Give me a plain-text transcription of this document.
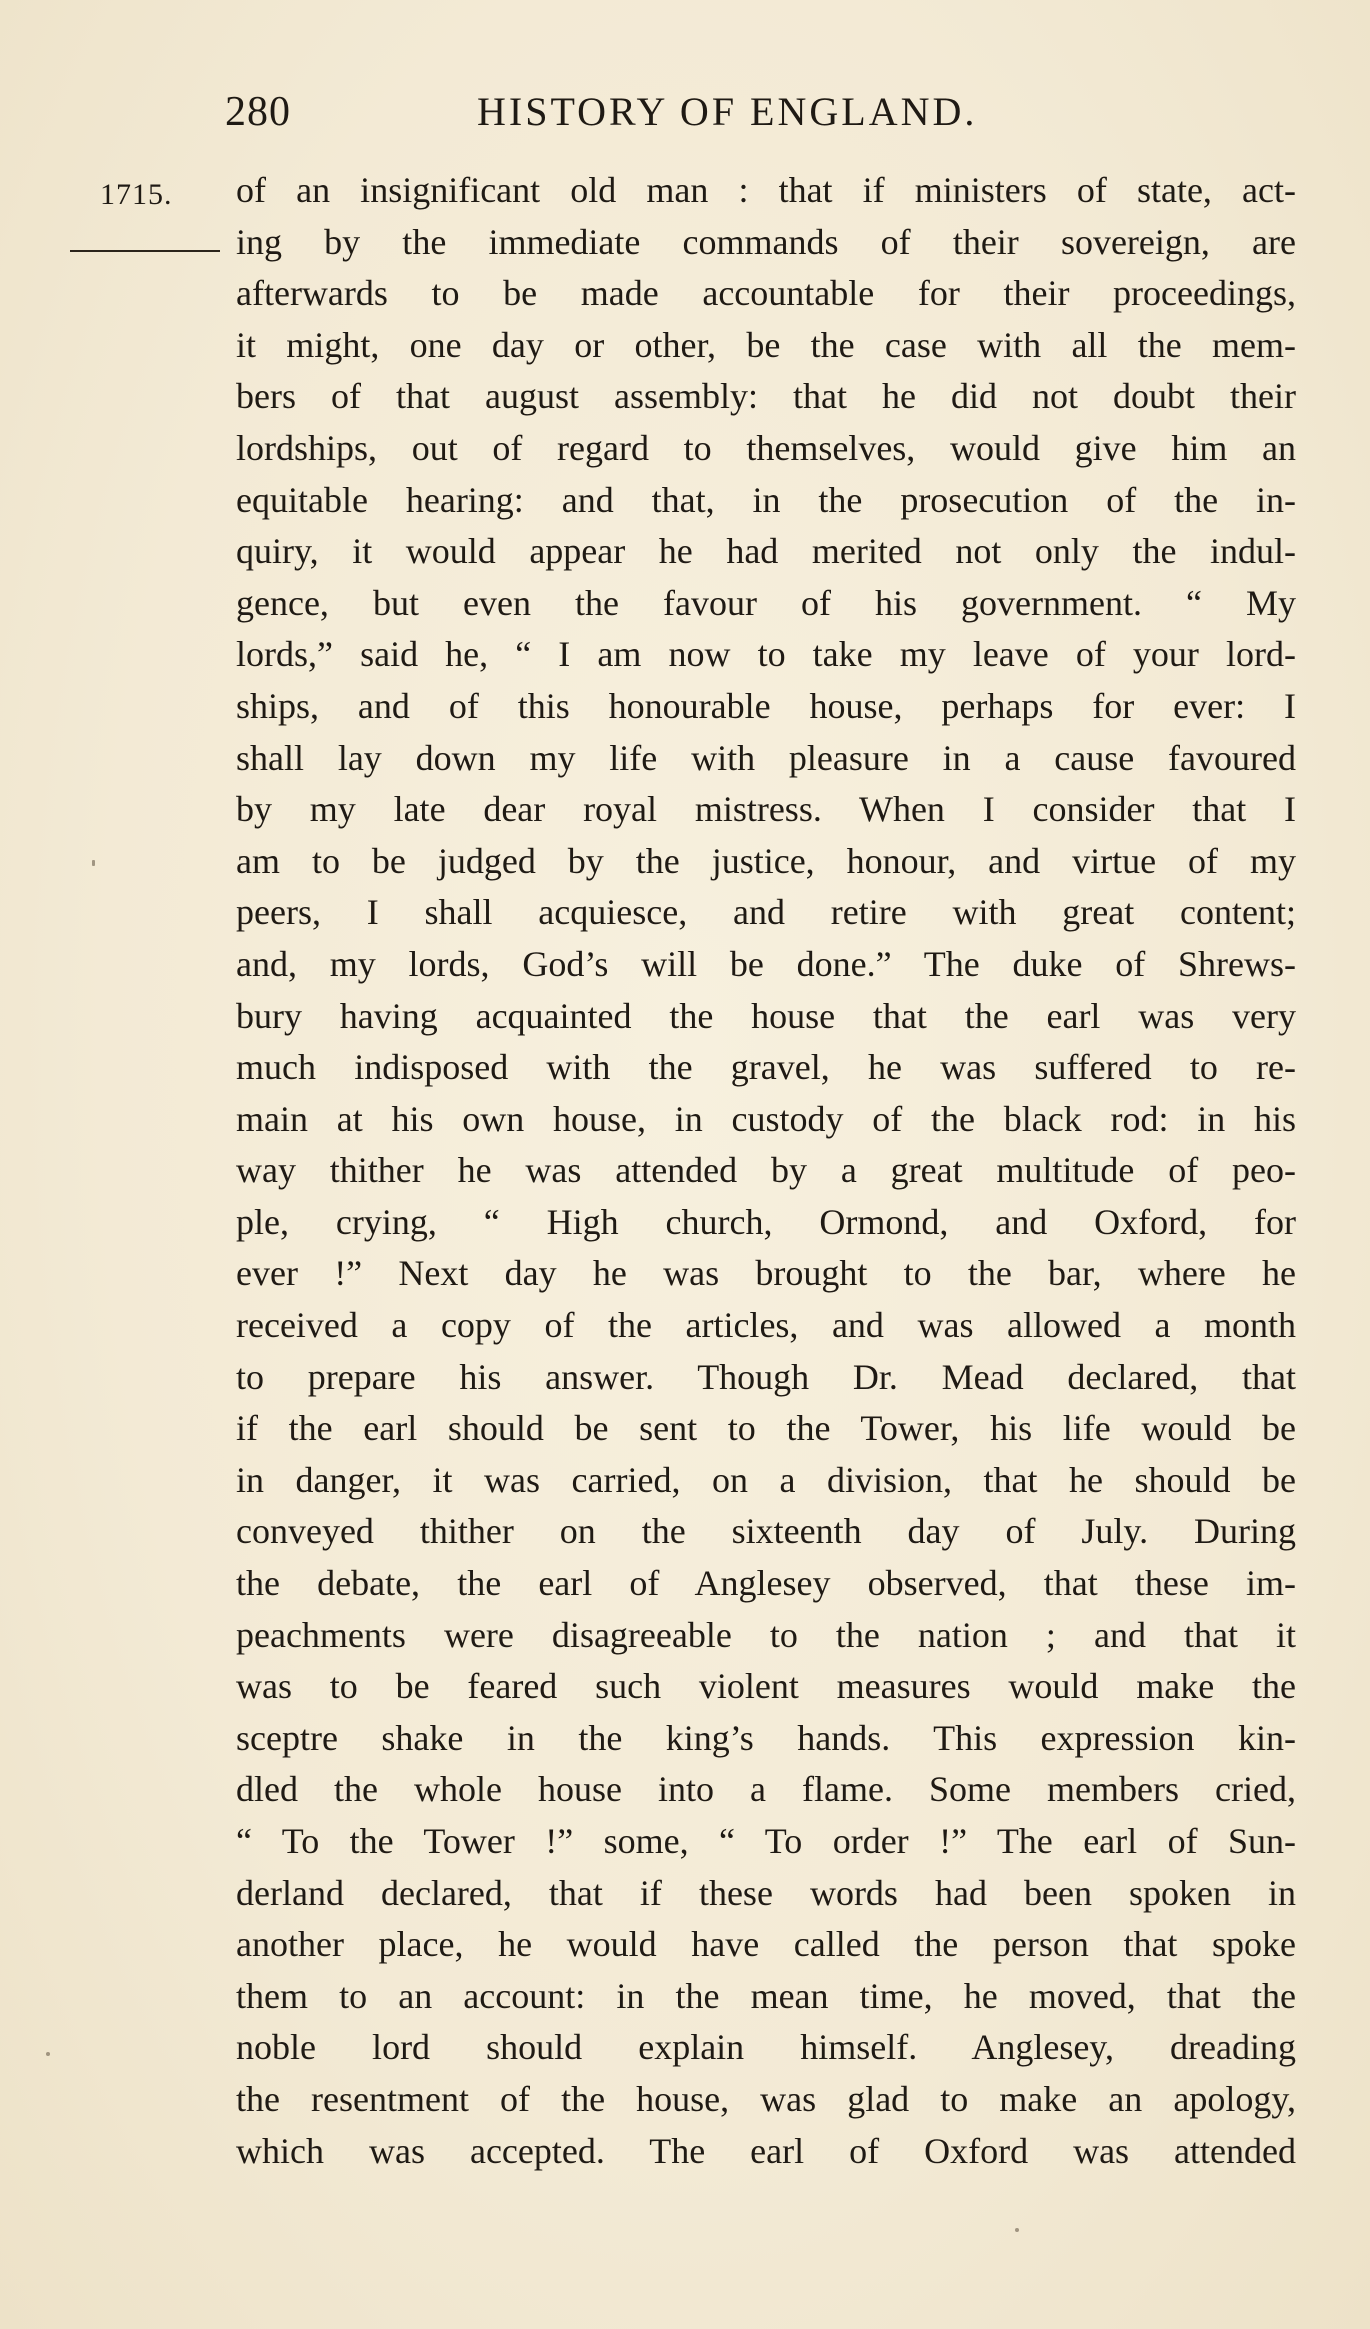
280	HISTORY OF ENGLAND.
1715. of an insignificant old man : that if ministers of state, act-
ing by the immediate commands of their sovereign, are
afterwards to be made accountable for their proceedings,
it might, one day or other, be the case with all the mem-
bers of that august assembly: that he did not doubt their
lordships, out of regard to themselves, would give him an
equitable hearing: and that, in the prosecution of the in-
quiry, it would appear he had merited not only the indul-
gence, but even the favour of his government. “ My
lords,” said he, “ I am now to take my leave of your lord-
ships, and of this honourable house, perhaps for ever: I
shall lay down my life with pleasure in a cause favoured
by my late dear royal mistress. When I consider that I
am to be judged by the justice, honour, and virtue of my
peers, I shall acquiesce, and retire with great content;
and, my lords, God’s will be done.” The duke of Shrews-
bury having acquainted the house that the earl was very
much indisposed with the gravel, he was suffered to re-
main at his own house, in custody of the black rod: in his
way thither he was attended by a great multitude of peo-
ple, crying, “ High church, Ormond, and Oxford, for
ever !” Next day he was brought to the bar, where he
received a copy of the articles, and was allowed a month
to prepare his answer. Though Dr. Mead declared, that
if the earl should be sent to the Tower, his life would be
in danger, it was carried, on a division, that he should be
conveyed thither on the sixteenth day of July. During
the debate, the earl of Anglesey observed, that these im-
peachments were disagreeable to the nation ; and that it
was to be feared such violent measures would make the
sceptre shake in the king’s hands. This expression kin-
dled the whole house into a flame. Some members cried,
“ To the Tower !” some, “ To order !” The earl of Sun-
derland declared, that if these words had been spoken in
another place, he would have called the person that spoke
them to an account: in the mean time, he moved, that the
noble lord should explain himself. Anglesey, dreading
the resentment of the house, was glad to make an apology,
which was accepted. The earl of Oxford was attended
